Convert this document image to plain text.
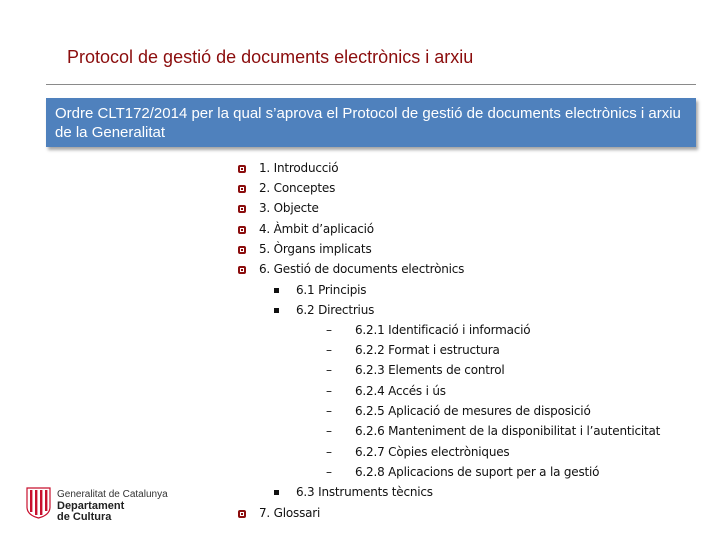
Protocol de gestió de documents electrònics i arxiu
Ordre CLT172/2014 per la qual s’aprova el Protocol de gestió de documents electrònics i arxiu de la Generalitat
1. Introducció
2. Conceptes
3. Objecte
4. Àmbit d’aplicació
5. Òrgans implicats
6. Gestió de documents electrònics
6.1 Principis
6.2 Directrius
– 6.2.1 Identificació i informació
– 6.2.2 Format i estructura
– 6.2.3 Elements de control
– 6.2.4 Accés i ús
– 6.2.5 Aplicació de mesures de disposició
– 6.2.6 Manteniment de la disponibilitat i l’autenticitat
– 6.2.7 Còpies electròniques
– 6.2.8 Aplicacions de suport per a la gestió
6.3 Instruments tècnics
7. Glossari
Generalitat de Catalunya
Departament
de Cultura
